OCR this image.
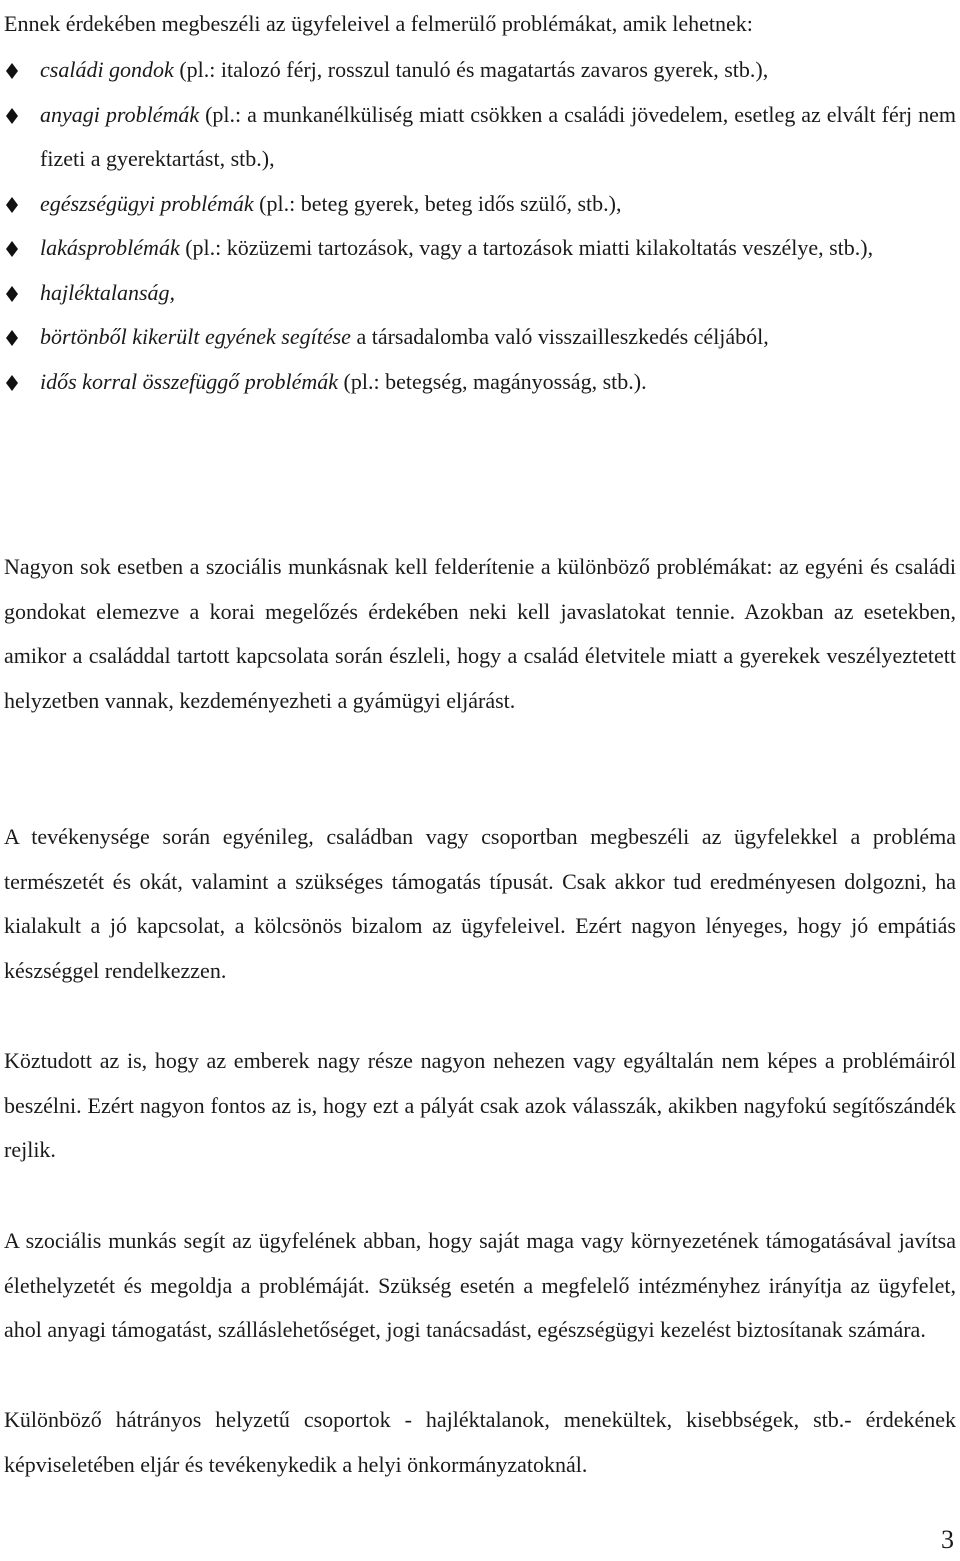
Ennek érdekében megbeszéli az ügyfeleivel a felmerülő problémákat, amik lehetnek:
családi gondok (pl.: italozó férj, rosszul tanuló és magatartás zavaros gyerek, stb.),
anyagi problémák (pl.: a munkanélküliség miatt csökken a családi jövedelem, esetleg az elvált férj nem fizeti a gyerektartást, stb.),
egészségügyi problémák (pl.: beteg gyerek, beteg idős szülő, stb.),
lakásproblémák (pl.: közüzemi tartozások, vagy a tartozások miatti kilakoltatás veszélye, stb.),
hajléktalanság,
börtönből kikerült egyének segítése a társadalomba való visszailleszkedés céljából,
idős korral összefüggő problémák (pl.: betegség, magányosság, stb.).

Nagyon sok esetben a szociális munkásnak kell felderítenie a különböző problémákat: az egyéni és családi gondokat elemezve a korai megelőzés érdekében neki kell javaslatokat tennie. Azokban az esetekben, amikor a családdal tartott kapcsolata során észleli, hogy a család életvitele miatt a gyerekek veszélyeztetett helyzetben vannak, kezdeményezheti a gyámügyi eljárást.

A tevékenysége során egyénileg, családban vagy csoportban megbeszéli az ügyfelekkel a probléma természetét és okát, valamint a szükséges támogatás típusát. Csak akkor tud eredményesen dolgozni, ha kialakult a jó kapcsolat, a kölcsönös bizalom az ügyfeleivel. Ezért nagyon lényeges, hogy jó empátiás készséggel rendelkezzen.

Köztudott az is, hogy az emberek nagy része nagyon nehezen vagy egyáltalán nem képes a problémáiról beszélni. Ezért nagyon fontos az is, hogy ezt a pályát csak azok válasszák, akikben nagyfokú segítőszándék rejlik.

A szociális munkás segít az ügyfelének abban, hogy saját maga vagy környezetének támogatásával javítsa élethelyzetét és megoldja a problémáját. Szükség esetén a megfelelő intézményhez irányítja az ügyfelet, ahol anyagi támogatást, szálláslehetőséget, jogi tanácsadást, egészségügyi kezelést biztosítanak számára.

Különböző hátrányos helyzetű csoportok - hajléktalanok, menekültek, kisebbségek, stb.- érdekének képviseletében eljár és tevékenykedik a helyi önkormányzatoknál.

3
